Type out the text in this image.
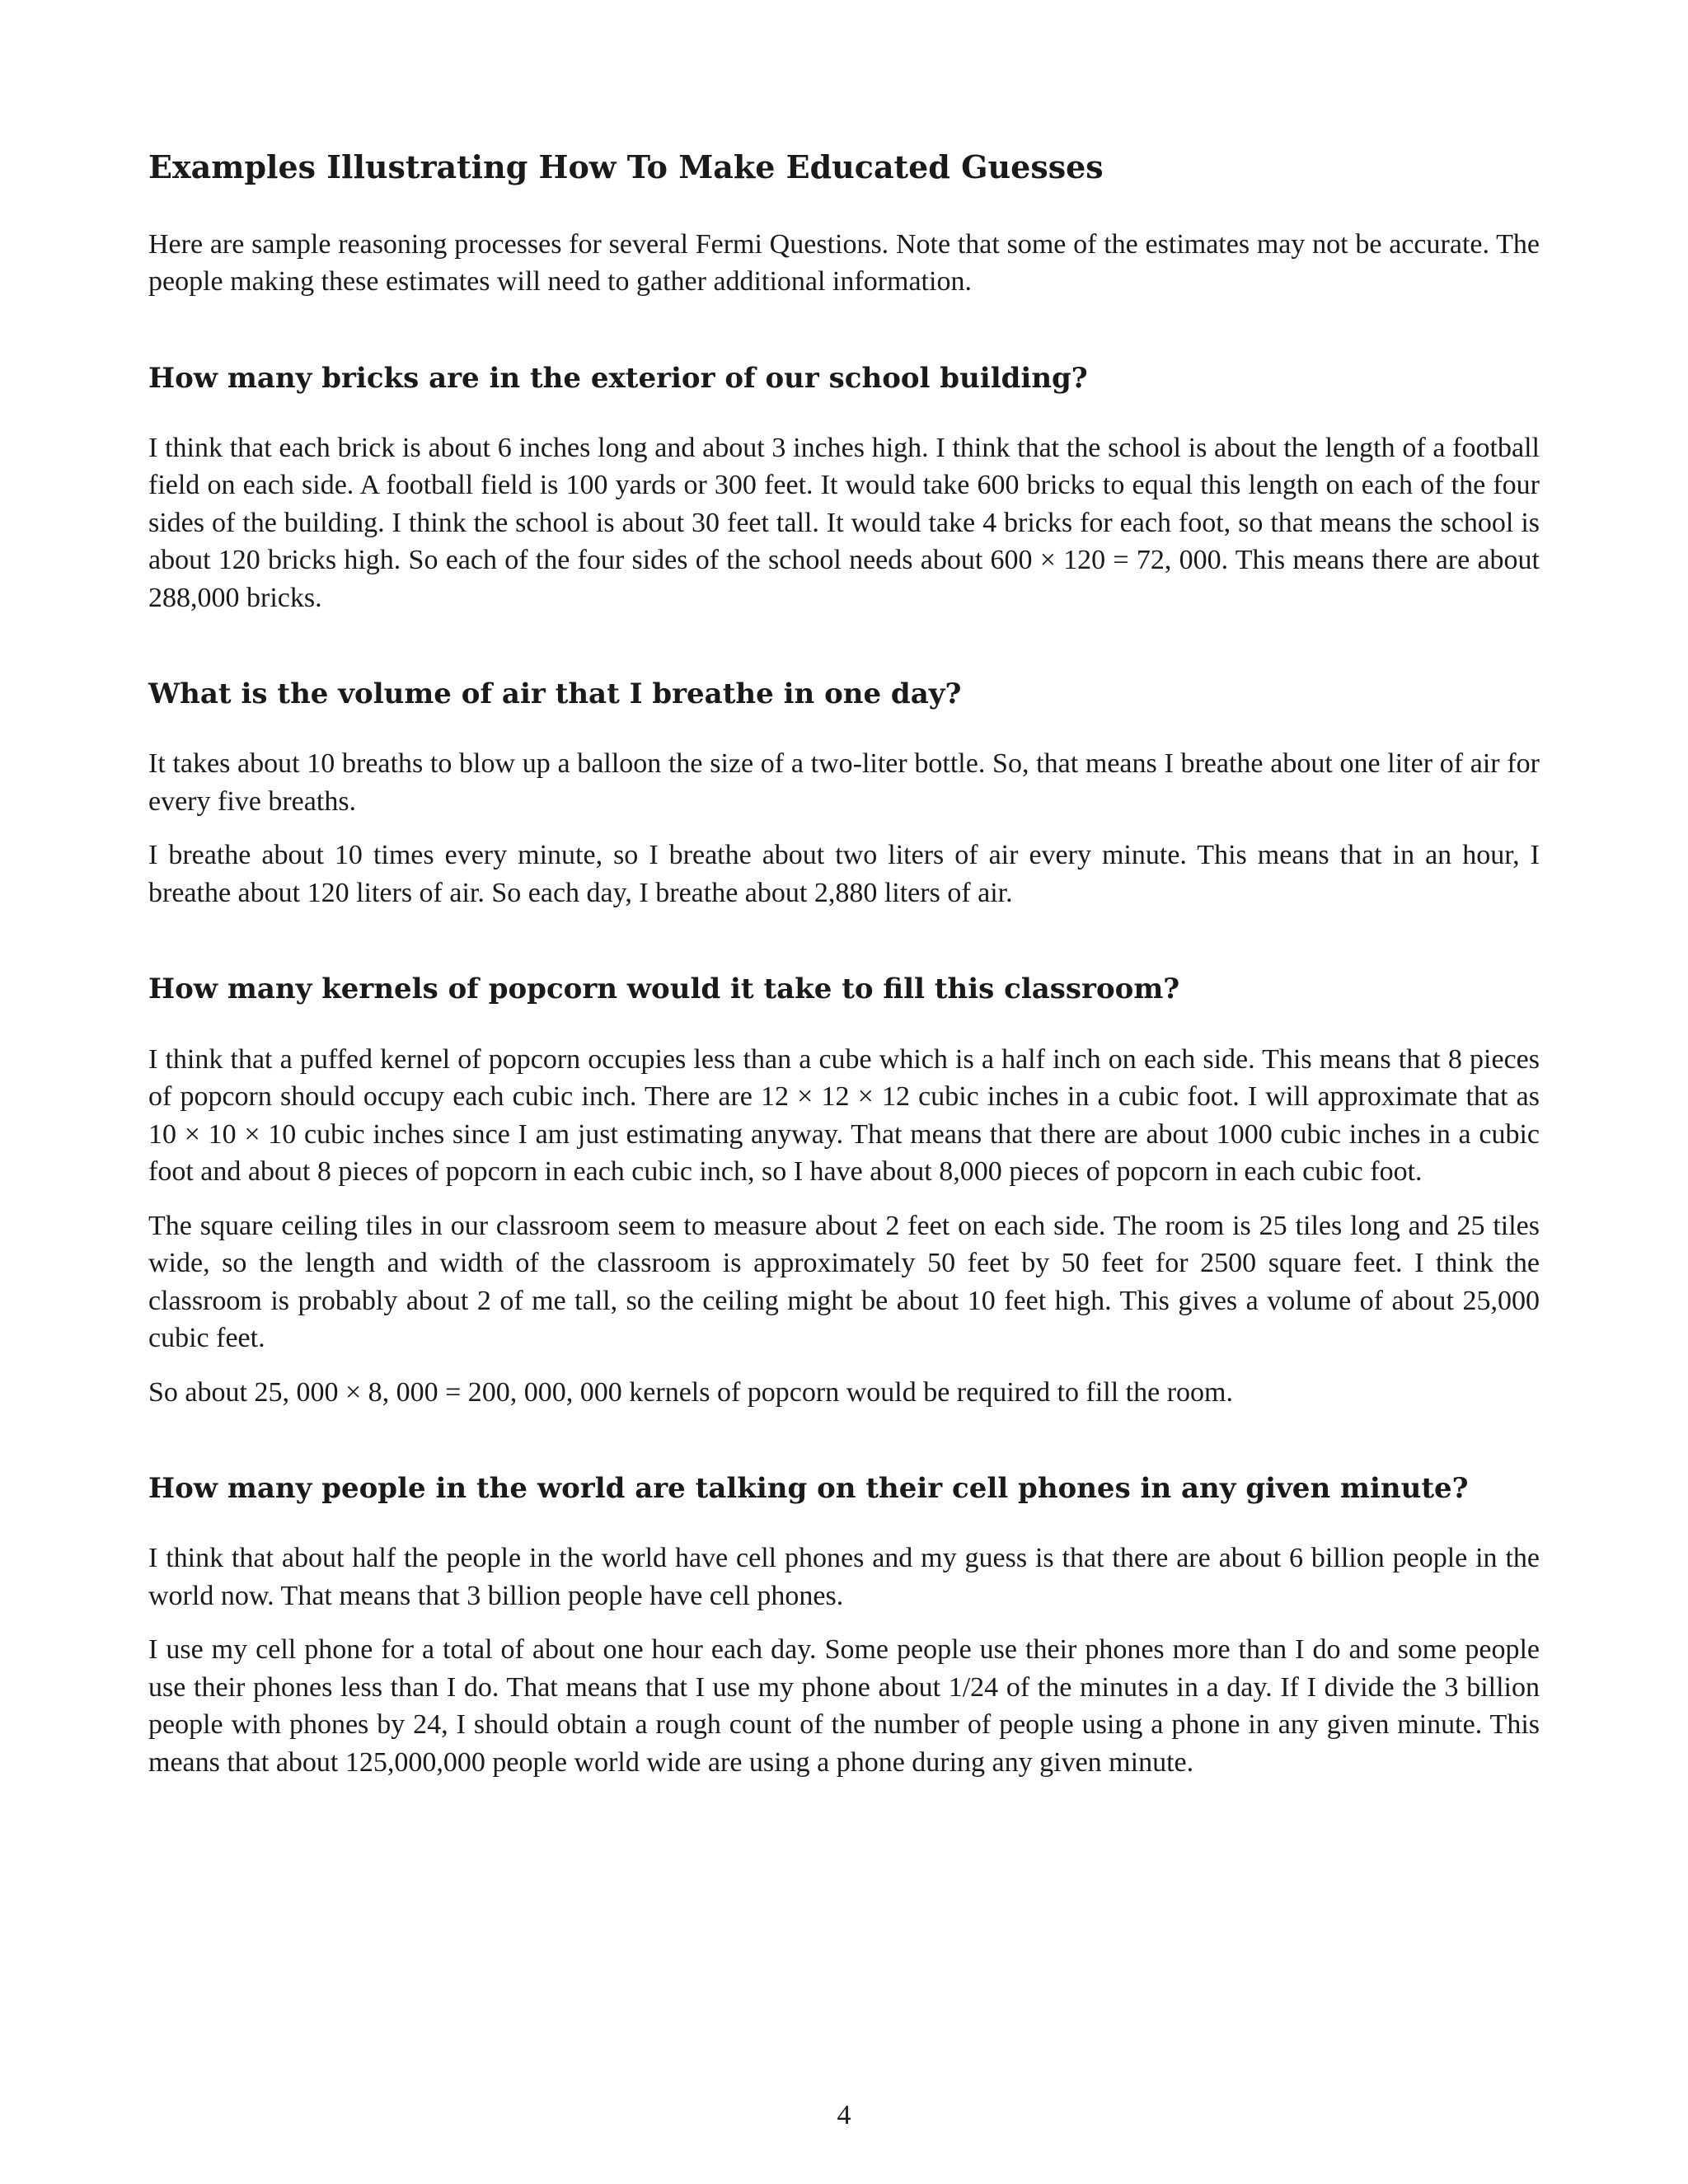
Examples Illustrating How To Make Educated Guesses

Here are sample reasoning processes for several Fermi Questions. Note that some of the estimates may not be accurate. The people making these estimates will need to gather additional information.

How many bricks are in the exterior of our school building?

I think that each brick is about 6 inches long and about 3 inches high. I think that the school is about the length of a football field on each side. A football field is 100 yards or 300 feet. It would take 600 bricks to equal this length on each of the four sides of the building. I think the school is about 30 feet tall. It would take 4 bricks for each foot, so that means the school is about 120 bricks high. So each of the four sides of the school needs about 600 × 120 = 72, 000. This means there are about 288,000 bricks.

What is the volume of air that I breathe in one day?

It takes about 10 breaths to blow up a balloon the size of a two-liter bottle. So, that means I breathe about one liter of air for every five breaths.

I breathe about 10 times every minute, so I breathe about two liters of air every minute. This means that in an hour, I breathe about 120 liters of air. So each day, I breathe about 2,880 liters of air.

How many kernels of popcorn would it take to fill this classroom?

I think that a puffed kernel of popcorn occupies less than a cube which is a half inch on each side. This means that 8 pieces of popcorn should occupy each cubic inch. There are 12 × 12 × 12 cubic inches in a cubic foot. I will approximate that as 10 × 10 × 10 cubic inches since I am just estimating anyway. That means that there are about 1000 cubic inches in a cubic foot and about 8 pieces of popcorn in each cubic inch, so I have about 8,000 pieces of popcorn in each cubic foot.

The square ceiling tiles in our classroom seem to measure about 2 feet on each side. The room is 25 tiles long and 25 tiles wide, so the length and width of the classroom is approximately 50 feet by 50 feet for 2500 square feet. I think the classroom is probably about 2 of me tall, so the ceiling might be about 10 feet high. This gives a volume of about 25,000 cubic feet.

So about 25, 000 × 8, 000 = 200, 000, 000 kernels of popcorn would be required to fill the room.

How many people in the world are talking on their cell phones in any given minute?

I think that about half the people in the world have cell phones and my guess is that there are about 6 billion people in the world now. That means that 3 billion people have cell phones.

I use my cell phone for a total of about one hour each day. Some people use their phones more than I do and some people use their phones less than I do. That means that I use my phone about 1/24 of the minutes in a day. If I divide the 3 billion people with phones by 24, I should obtain a rough count of the number of people using a phone in any given minute. This means that about 125,000,000 people world wide are using a phone during any given minute.

4
